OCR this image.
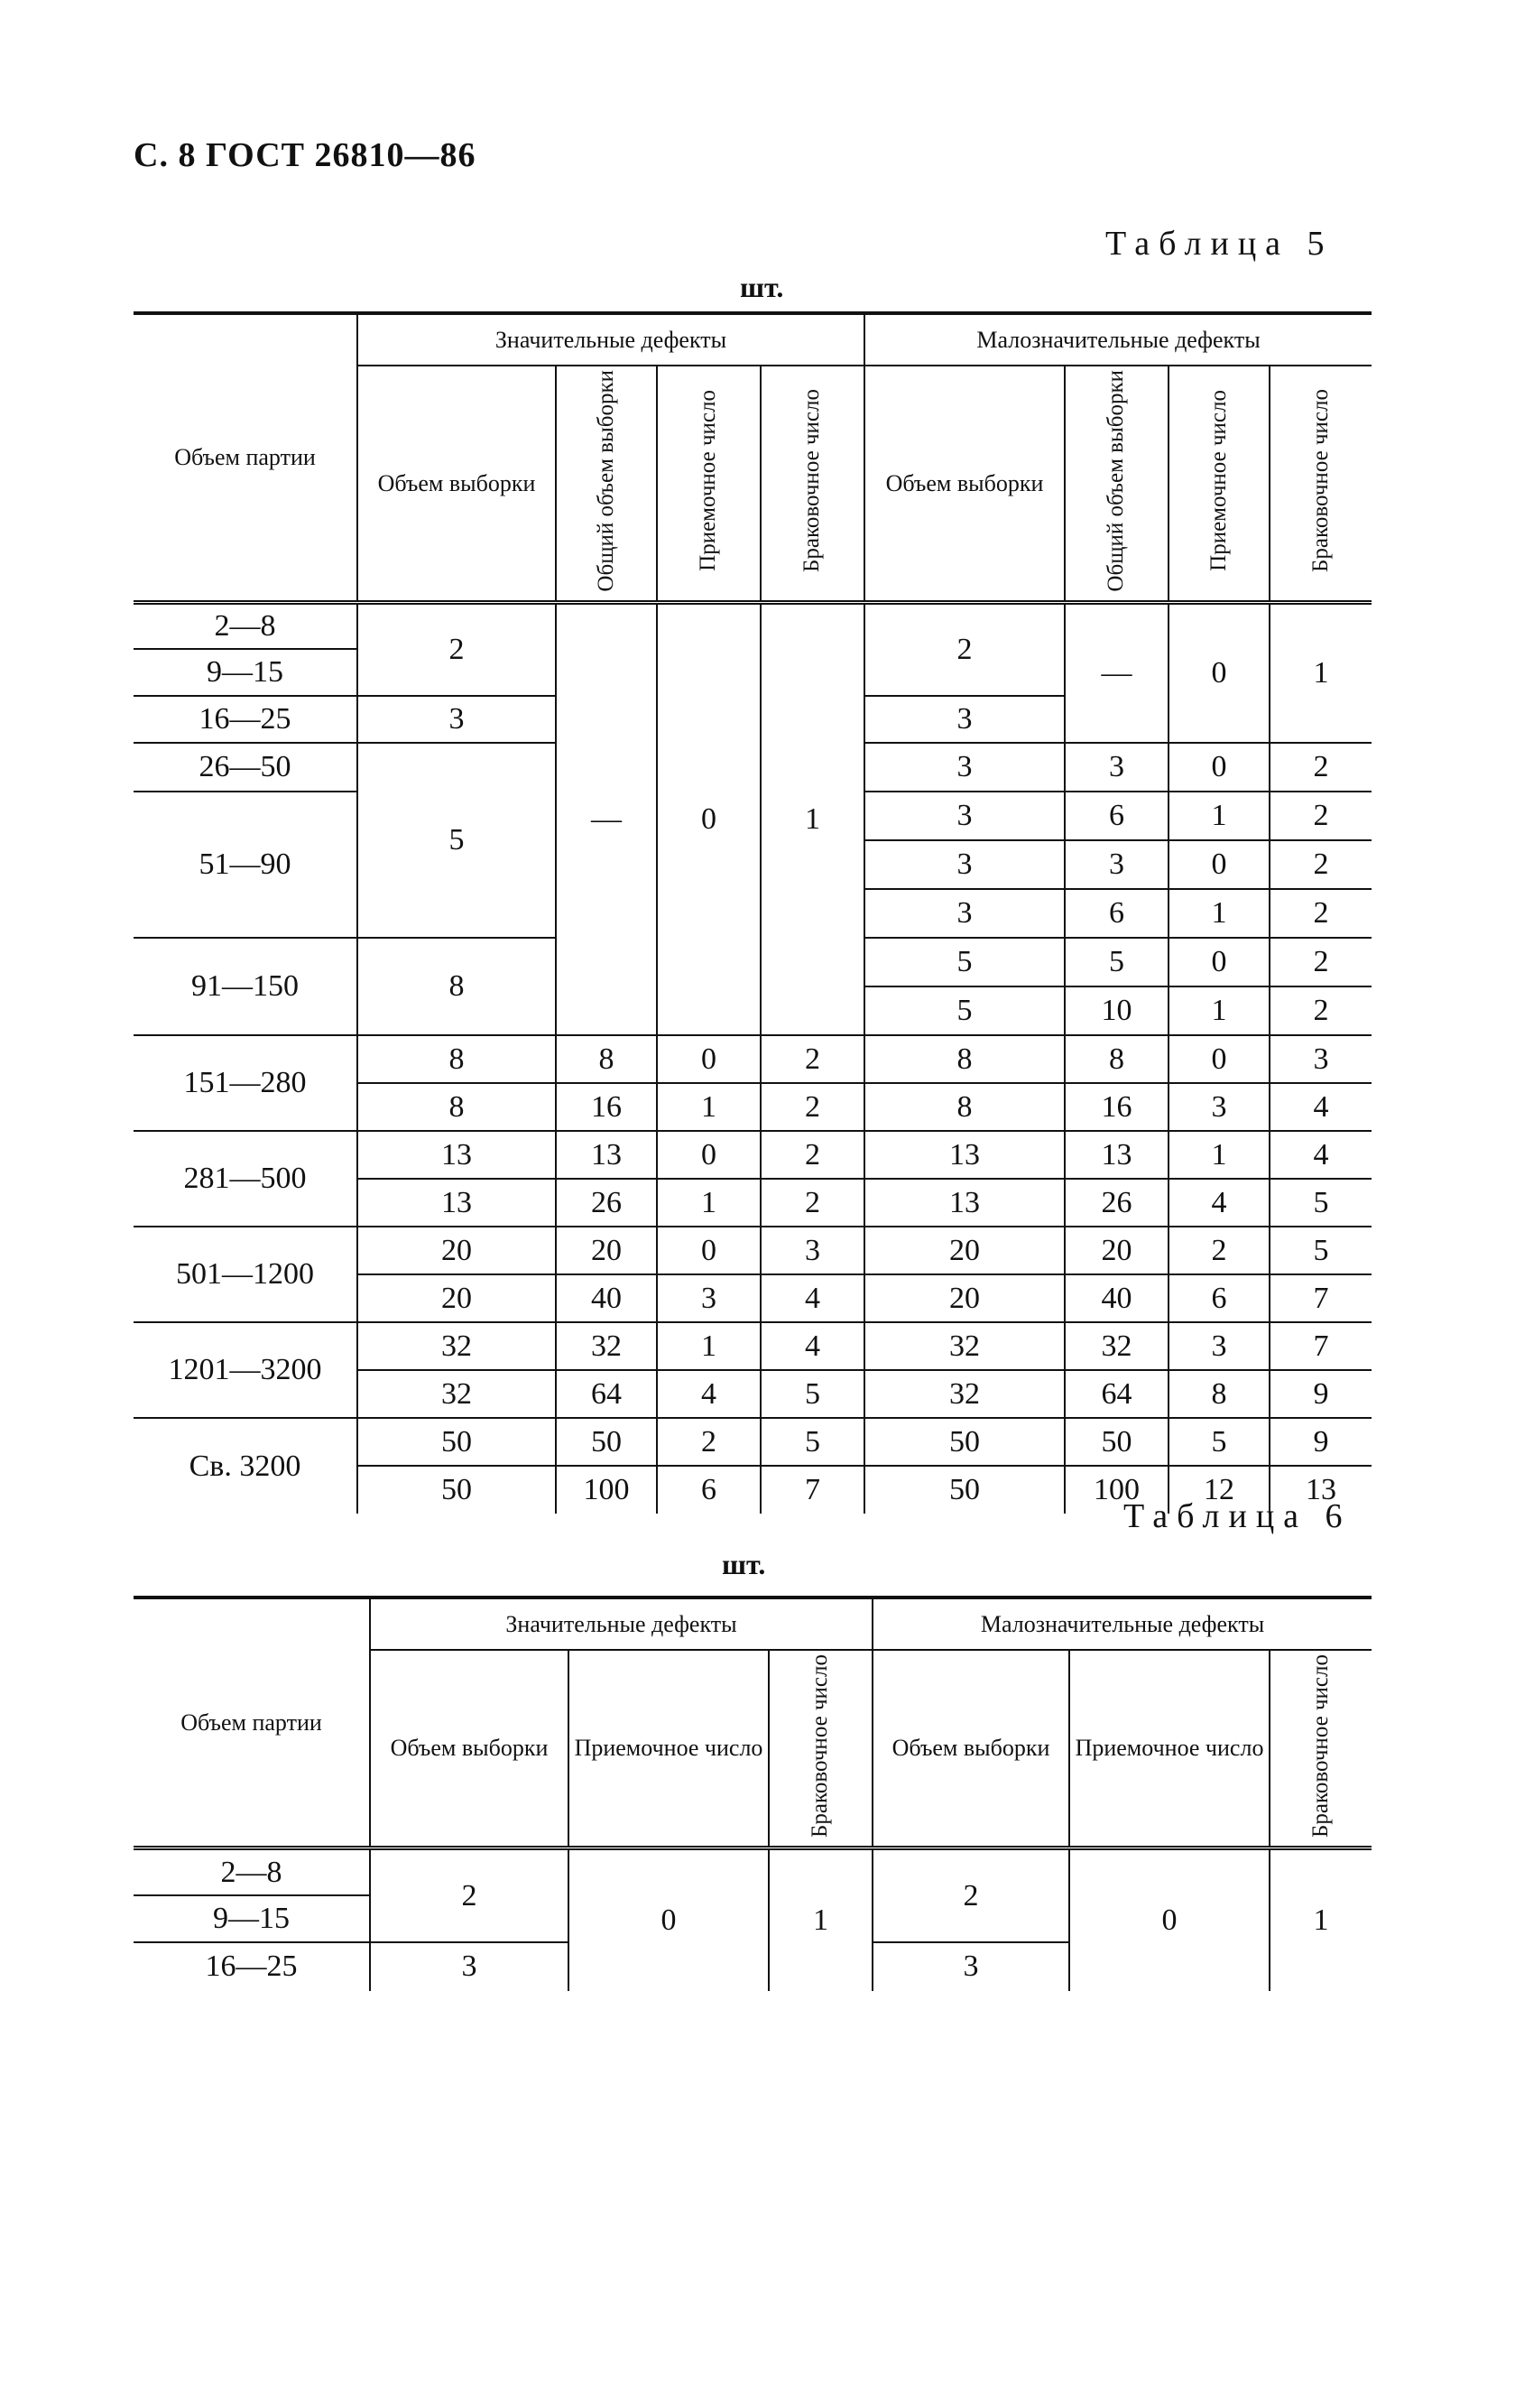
С. 8 ГОСТ 26810—86
Таблица 5
шт.
Объем партии	Значительные дефекты				Малозначительные дефекты			
	Объем выборки	Общий объем выборки	Приемочное число	Браковочное число	Объем выборки	Общий объем выборки	Приемочное число	Браковочное число
2—8	2	—	0	1	2	—	0	1
9—15								
16—25	3				3			
26—50	5				3	3	0	2
51—90					3	6	1	2
					3	3	0	2
					3	6	1	2
91—150	8				5	5	0	2
					5	10	1	2
151—280	8	8	0	2	8	8	0	3
	8	16	1	2	8	16	3	4
281—500	13	13	0	2	13	13	1	4
	13	26	1	2	13	26	4	5
501—1200	20	20	0	3	20	20	2	5
	20	40	3	4	20	40	6	7
1201—3200	32	32	1	4	32	32	3	7
	32	64	4	5	32	64	8	9
Св. 3200	50	50	2	5	50	50	5	9
	50	100	6	7	50	100	12	13
Таблица 6
шт.
Объем партии	Значительные дефекты			Малозначительные дефекты		
	Объем выборки	Приемочное число	Браковочное число	Объем выборки	Приемочное число	Браковочное число
2—8	2	0	1	2	0	1
9—15						
16—25	3			3		
